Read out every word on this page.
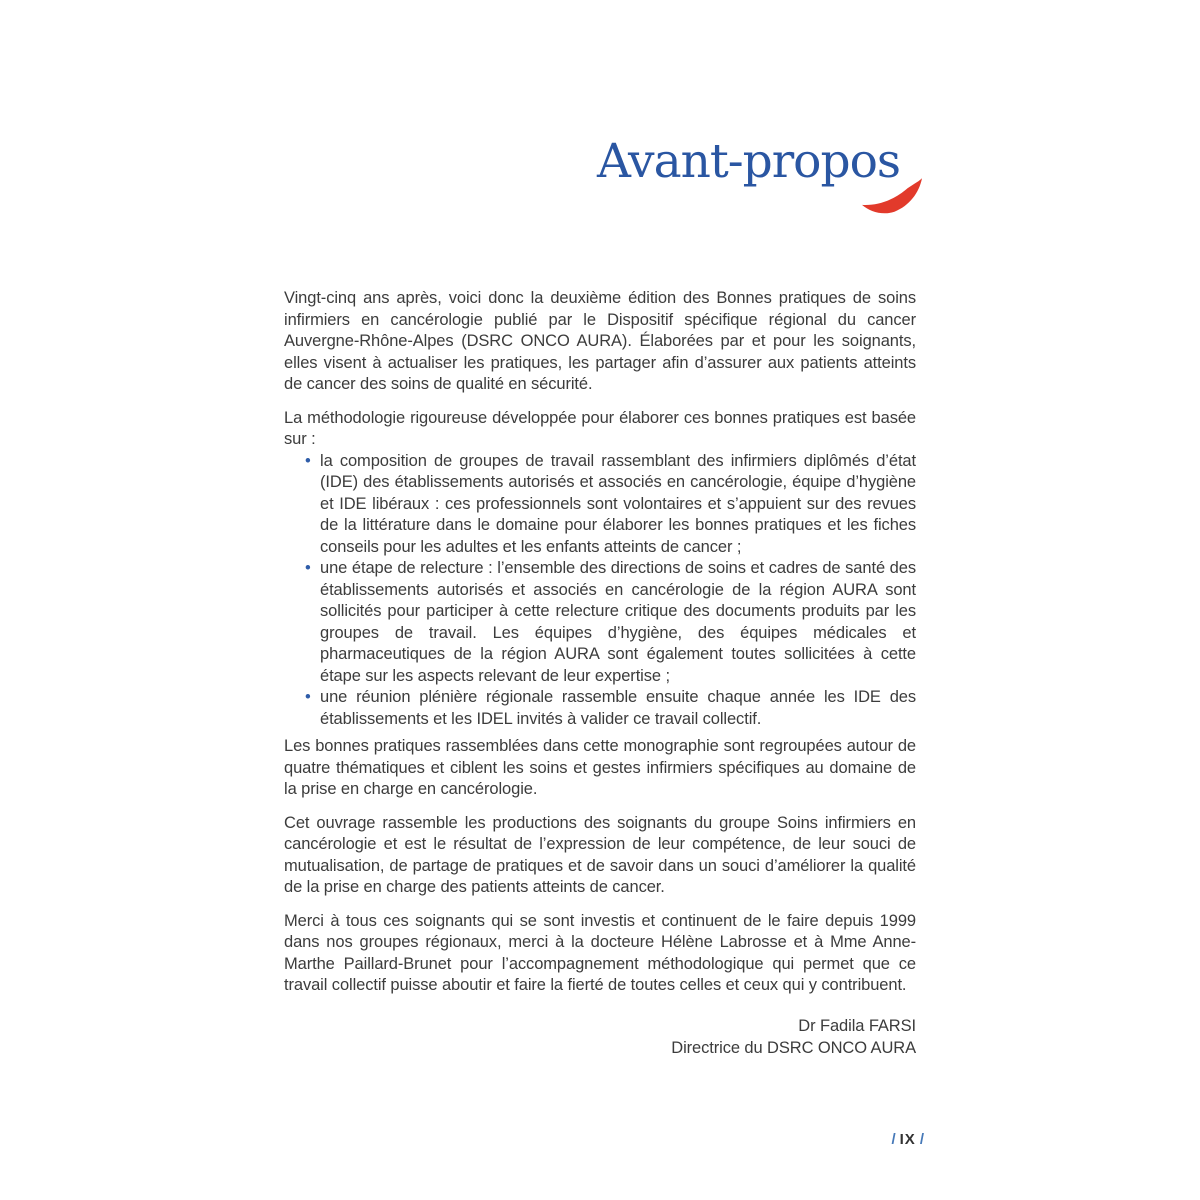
Avant-propos

Vingt-cinq ans après, voici donc la deuxième édition des Bonnes pratiques de soins infirmiers en cancérologie publié par le Dispositif spécifique régional du cancer Auvergne-Rhône-Alpes (DSRC ONCO AURA). Élaborées par et pour les soignants, elles visent à actualiser les pratiques, les partager afin d’assurer aux patients atteints de cancer des soins de qualité en sécurité.

La méthodologie rigoureuse développée pour élaborer ces bonnes pratiques est basée sur :

• la composition de groupes de travail rassemblant des infirmiers diplômés d’état (IDE) des établissements autorisés et associés en cancérologie, équipe d’hygiène et IDE libéraux : ces professionnels sont volontaires et s’appuient sur des revues de la littérature dans le domaine pour élaborer les bonnes pratiques et les fiches conseils pour les adultes et les enfants atteints de cancer ;
• une étape de relecture : l’ensemble des directions de soins et cadres de santé des établissements autorisés et associés en cancérologie de la région AURA sont sollicités pour participer à cette relecture critique des documents produits par les groupes de travail. Les équipes d’hygiène, des équipes médicales et pharmaceutiques de la région AURA sont également toutes sollicitées à cette étape sur les aspects relevant de leur expertise ;
• une réunion plénière régionale rassemble ensuite chaque année les IDE des établissements et les IDEL invités à valider ce travail collectif.

Les bonnes pratiques rassemblées dans cette monographie sont regroupées autour de quatre thématiques et ciblent les soins et gestes infirmiers spécifiques au domaine de la prise en charge en cancérologie.

Cet ouvrage rassemble les productions des soignants du groupe Soins infirmiers en cancérologie et est le résultat de l’expression de leur compétence, de leur souci de mutualisation, de partage de pratiques et de savoir dans un souci d’améliorer la qualité de la prise en charge des patients atteints de cancer.

Merci à tous ces soignants qui se sont investis et continuent de le faire depuis 1999 dans nos groupes régionaux, merci à la docteure Hélène Labrosse et à Mme Anne-Marthe Paillard-Brunet pour l’accompagnement méthodologique qui permet que ce travail collectif puisse aboutir et faire la fierté de toutes celles et ceux qui y contribuent.

Dr Fadila FARSI
Directrice du DSRC ONCO AURA
/ IX /
